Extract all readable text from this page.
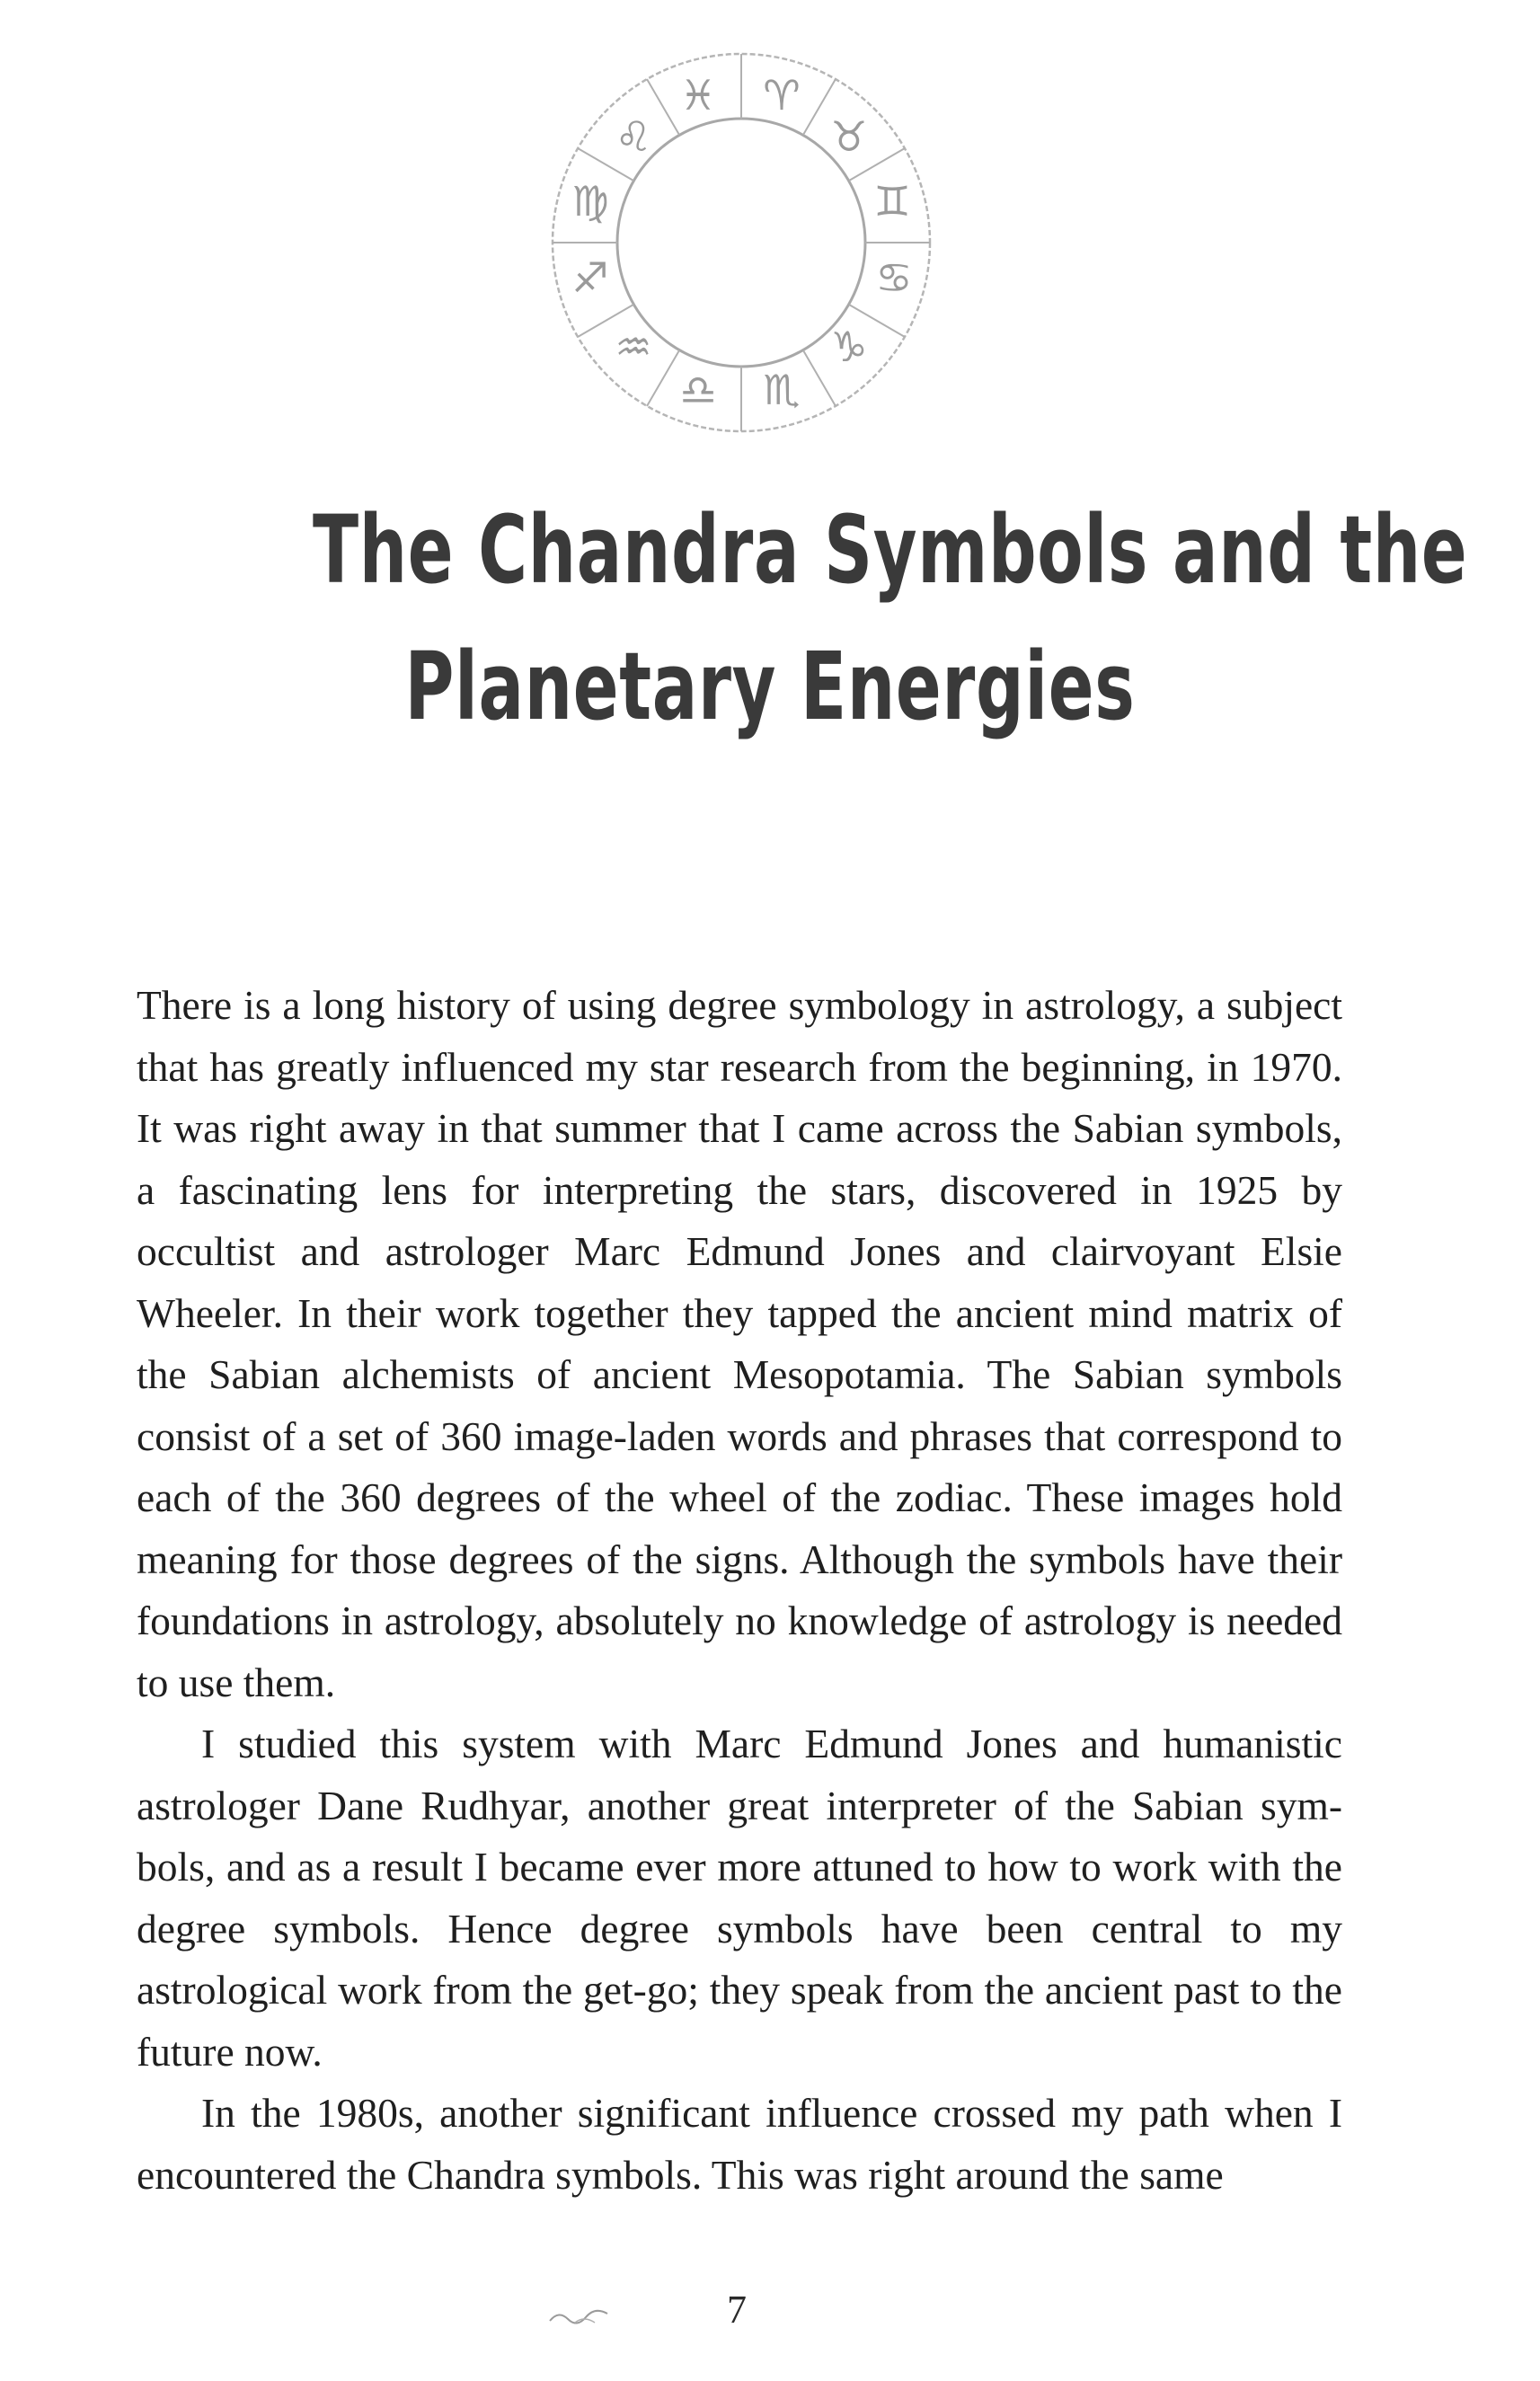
♓ ♈
♉
♊
♋
♑
♏
♎
♒
♐
♍
♌
The Chandra Symbols and the
Planetary Energies

There is a long history of using degree symbology in astrology, a subject that has greatly influenced my star research from the beginning, in 1970. It was right away in that summer that I came across the Sabian symbols, a fascinating lens for interpreting the stars, discovered in 1925 by occultist and astrologer Marc Edmund Jones and clairvoyant Elsie Wheeler. In their work together they tapped the ancient mind matrix of the Sabian alchemists of ancient Mesopotamia. The Sabian symbols consist of a set of 360 image-laden words and phrases that correspond to each of the 360 degrees of the wheel of the zodiac. These images hold meaning for those degrees of the signs. Although the symbols have their foundations in astrology, absolutely no knowledge of astrology is needed to use them.

I studied this system with Marc Edmund Jones and humanistic astrologer Dane Rudhyar, another great interpreter of the Sabian symbols, and as a result I became ever more attuned to how to work with the degree symbols. Hence degree symbols have been central to my astrological work from the get-go; they speak from the ancient past to the future now.

In the 1980s, another significant influence crossed my path when I encountered the Chandra symbols. This was right around the same

7
